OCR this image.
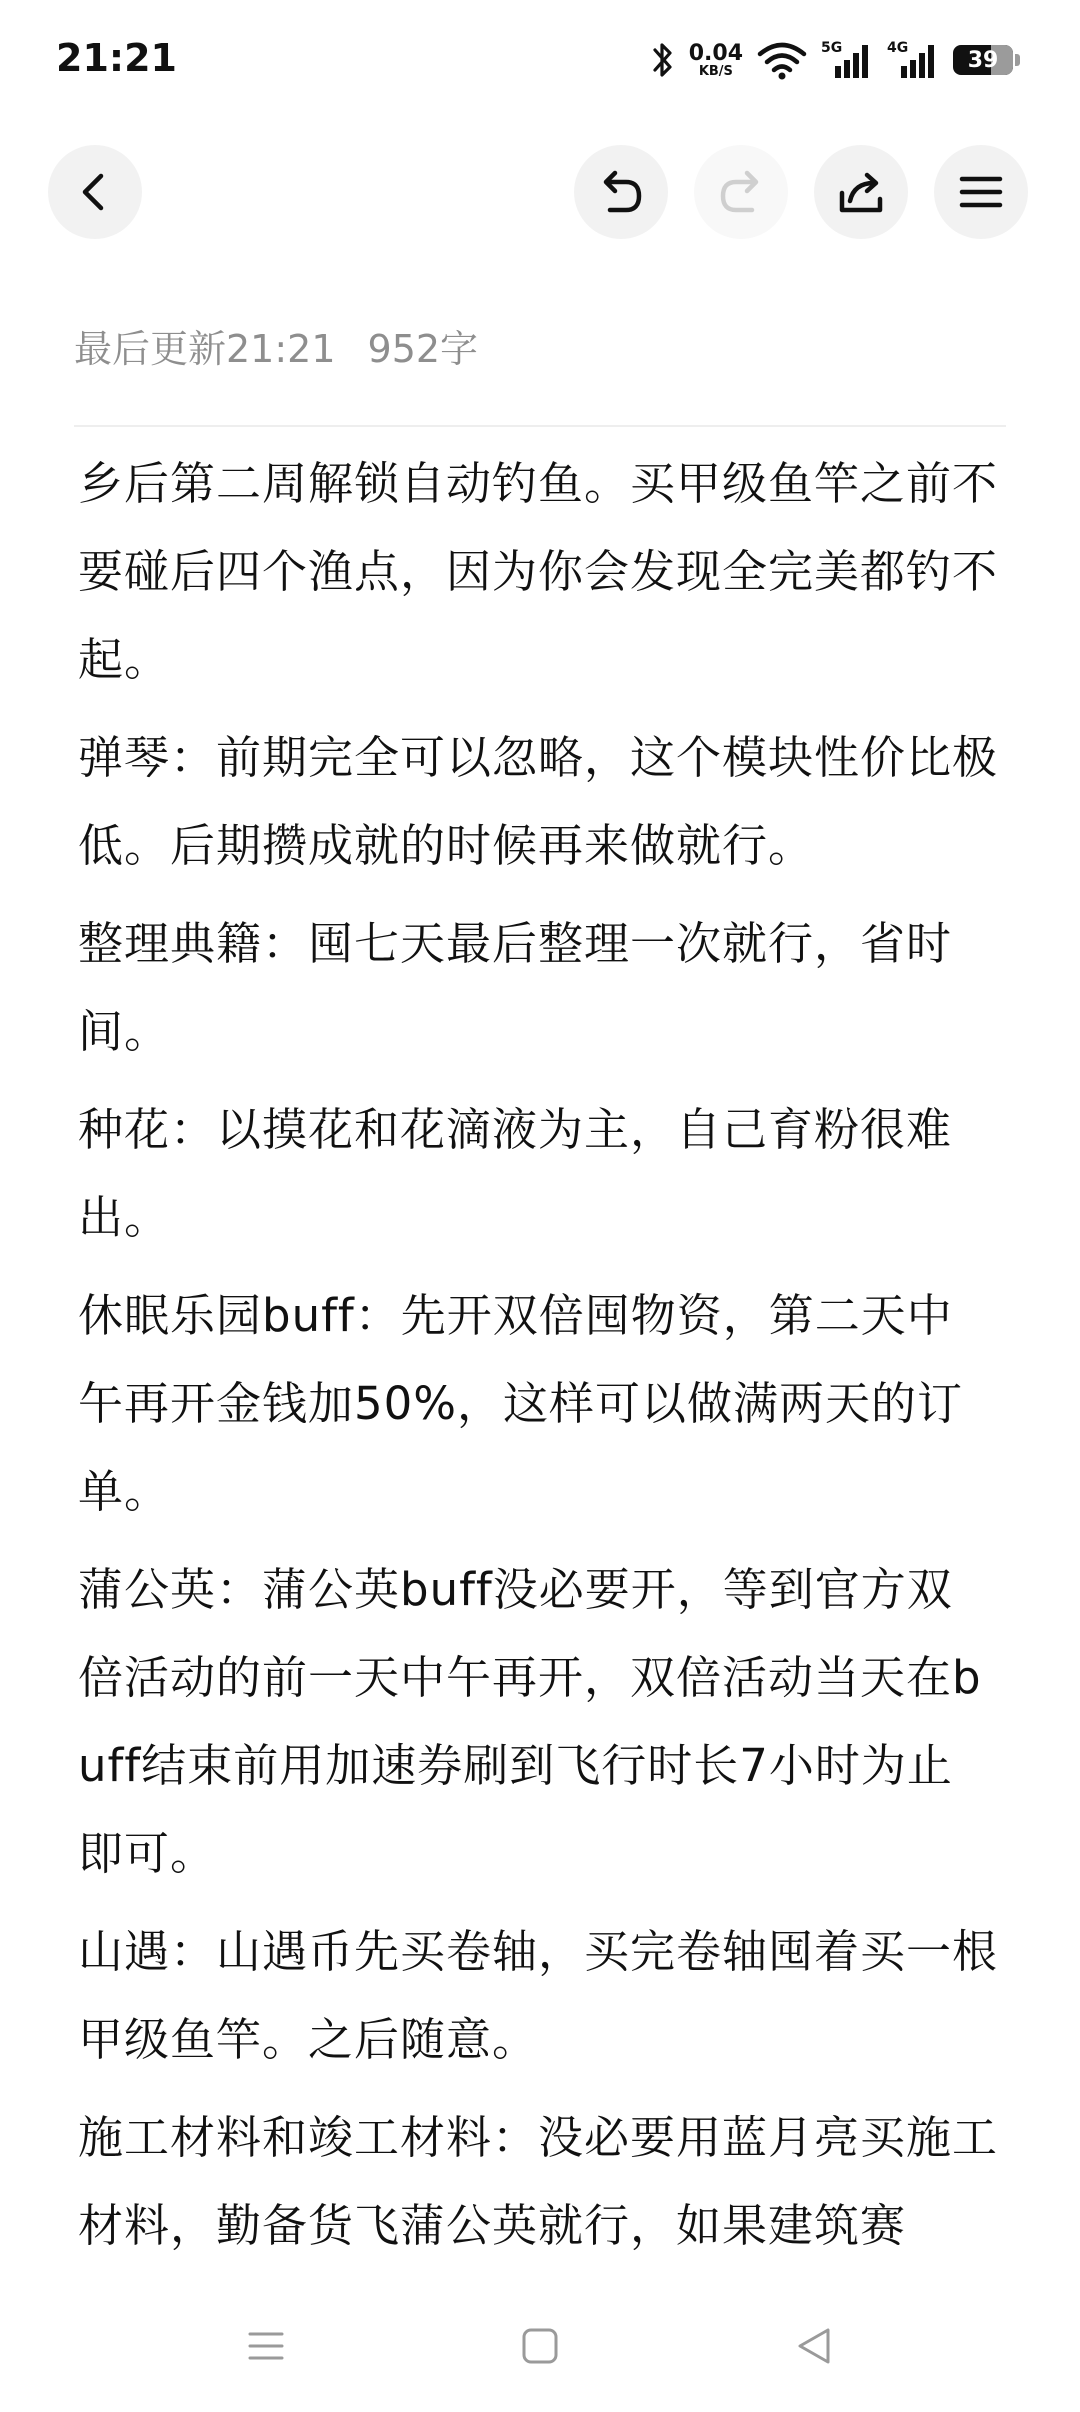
21:21	0.04
KB/S
5G	4G	39
最后更新21:21 952字

乡后第二周解锁自动钓鱼。买甲级鱼竿之前不要碰后四个渔点，因为你会发现全完美都钓不起。

弹琴：前期完全可以忽略，这个模块性价比极低。后期攒成就的时候再来做就行。

整理典籍：囤七天最后整理一次就行，省时间。

种花：以摸花和花滴液为主，自己育粉很难出。

休眠乐园buff：先开双倍囤物资，第二天中午再开金钱加50%，这样可以做满两天的订单。

蒲公英：蒲公英buff没必要开，等到官方双倍活动的前一天中午再开，双倍活动当天在buff结束前用加速券刷到飞行时长7小时为止即可。

山遇：山遇币先买卷轴，买完卷轴囤着买一根甲级鱼竿。之后随意。

施工材料和竣工材料：没必要用蓝月亮买施工材料，勤备货飞蒲公英就行，如果建筑赛
